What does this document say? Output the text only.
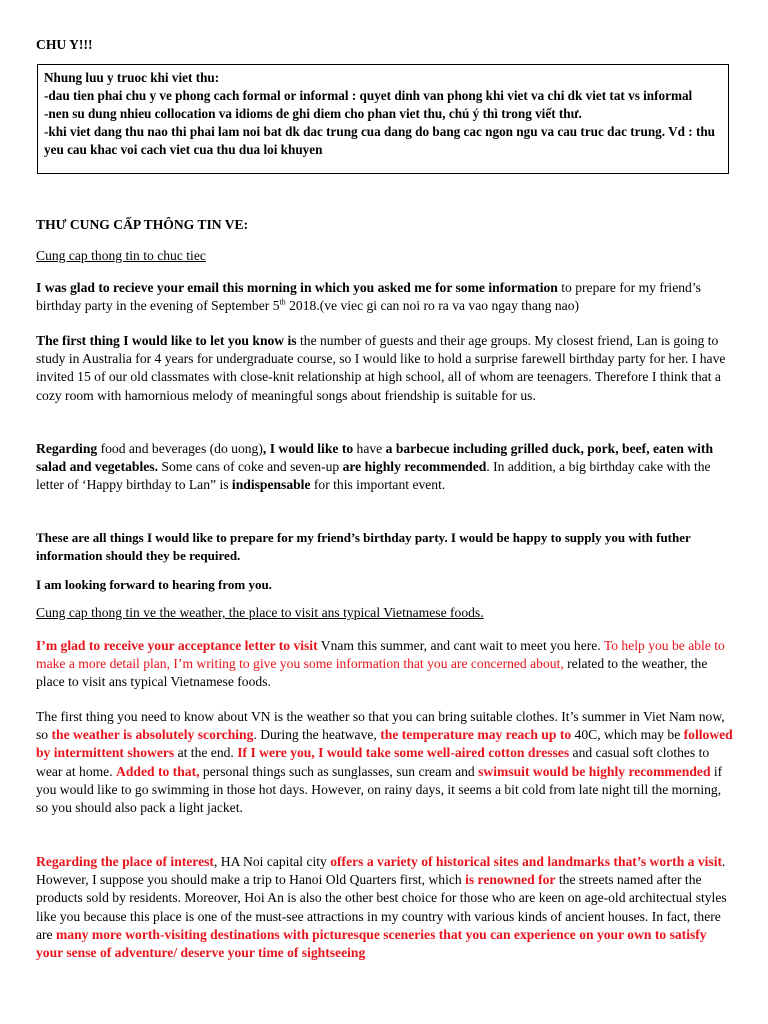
CHU Y!!!
Nhung luu y truoc khi viet thu:
-dau tien phai chu y ve phong cach formal or informal : quyet dinh van phong khi viet va chi dk viet tat vs informal
-nen su dung nhieu collocation va idioms de ghi diem cho phan viet thu, chú ý thì trong viết thư.
-khi viet dang thu nao thi phai lam noi bat dk dac trung cua dang do bang cac ngon ngu va cau truc dac trung. Vd : thu yeu cau khac voi cach viet cua thu dua loi khuyen
THƯ CUNG CẤP THÔNG TIN VE:
Cung cap thong tin to chuc tiec

I was glad to recieve your email this morning in which you asked me for some information to prepare for my friend’s birthday party in the evening of September 5th 2018.(ve viec gi can noi ro ra va vao ngay thang nao)

The first thing I would like to let you know is the number of guests and their age groups. My closest friend, Lan is going to study in Australia for 4 years for undergraduate course, so I would like to hold a surprise farewell birthday party for her. I have invited 15 of our old classmates with close-knit relationship at high school, all of whom are teenagers. Therefore I think that a cozy room with hamornious melody of meaningful songs about friendship is suitable for us.

Regarding food and beverages (do uong), I would like to have a barbecue including grilled duck, pork, beef, eaten with salad and vegetables. Some cans of coke and seven-up are highly recommended. In addition, a big birthday cake with the letter of ‘Happy birthday to Lan” is indispensable for this important event.

These are all things I would like to prepare for my friend’s birthday party. I would be happy to supply you with futher information should they be required.

I am looking forward to hearing from you.

Cung cap thong tin ve the weather, the place to visit ans typical Vietnamese foods.

I’m glad to receive your acceptance letter to visit Vnam this summer, and cant wait to meet you here. To help you be able to make a more detail plan, I’m writing to give you some information that you are concerned about, related to the weather, the place to visit ans typical Vietnamese foods.

The first thing you need to know about VN is the weather so that you can bring suitable clothes. It’s summer in Viet Nam now, so the weather is absolutely scorching. During the heatwave, the temperature may reach up to 40C, which may be followed by intermittent showers at the end. If I were you, I would take some well-aired cotton dresses and casual soft clothes to wear at home. Added to that, personal things such as sunglasses, sun cream and swimsuit would be highly recommended if you would like to go swimming in those hot days. However, on rainy days, it seems a bit cold from late night till the morning, so you should also pack a light jacket.

Regarding the place of interest, HA Noi capital city offers a variety of historical sites and landmarks that’s worth a visit. However, I suppose you should make a trip to Hanoi Old Quarters first, which is renowned for the streets named after the products sold by residents. Moreover, Hoi An is also the other best choice for those who are keen on age-old architectual styles like you because this place is one of the must-see attractions in my country with various kinds of ancient houses. In fact, there are many more worth-visiting destinations with picturesque sceneries that you can experience on your own to satisfy your sense of adventure/ deserve your time of sightseeing
